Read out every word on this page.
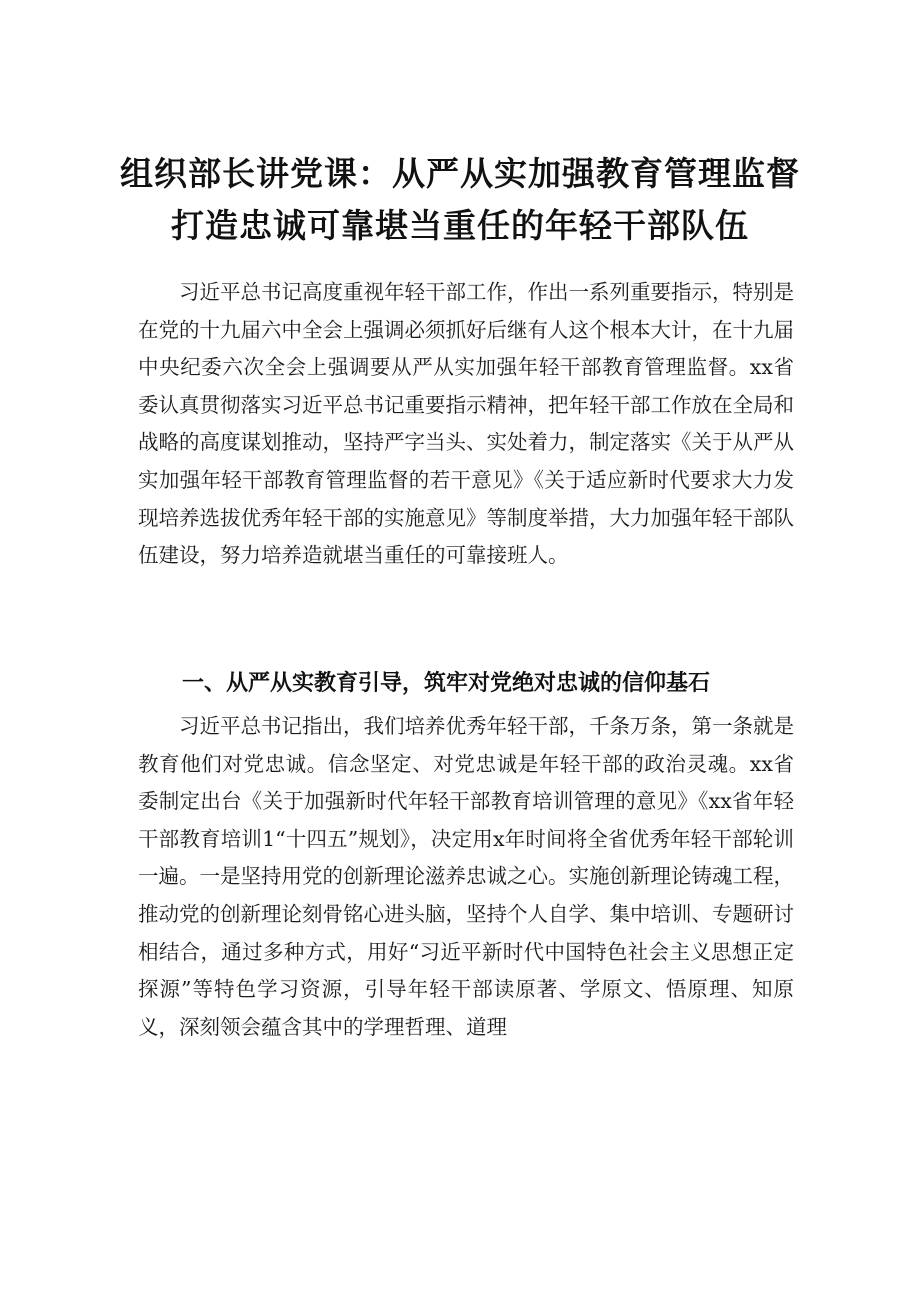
组织部长讲党课：从严从实加强教育管理监督
打造忠诚可靠堪当重任的年轻干部队伍

习近平总书记高度重视年轻干部工作，作出一系列重要指示，特别是在党的十九届六中全会上强调必须抓好后继有人这个根本大计，在十九届中央纪委六次全会上强调要从严从实加强年轻干部教育管理监督。xx省委认真贯彻落实习近平总书记重要指示精神，把年轻干部工作放在全局和战略的高度谋划推动，坚持严字当头、实处着力，制定落实《关于从严从实加强年轻干部教育管理监督的若干意见》《关于适应新时代要求大力发现培养选拔优秀年轻干部的实施意见》等制度举措，大力加强年轻干部队伍建设，努力培养造就堪当重任的可靠接班人。

一、从严从实教育引导，筑牢对党绝对忠诚的信仰基石

习近平总书记指出，我们培养优秀年轻干部，千条万条，第一条就是教育他们对党忠诚。信念坚定、对党忠诚是年轻干部的政治灵魂。xx省委制定出台《关于加强新时代年轻干部教育培训管理的意见》《xx省年轻干部教育培训1“十四五”规划》，决定用x年时间将全省优秀年轻干部轮训一遍。一是坚持用党的创新理论滋养忠诚之心。实施创新理论铸魂工程，推动党的创新理论刻骨铭心进头脑，坚持个人自学、集中培训、专题研讨相结合，通过多种方式，用好“习近平新时代中国特色社会主义思想正定探源”等特色学习资源，引导年轻干部读原著、学原文、悟原理、知原义，深刻领会蕴含其中的学理哲理、道理
